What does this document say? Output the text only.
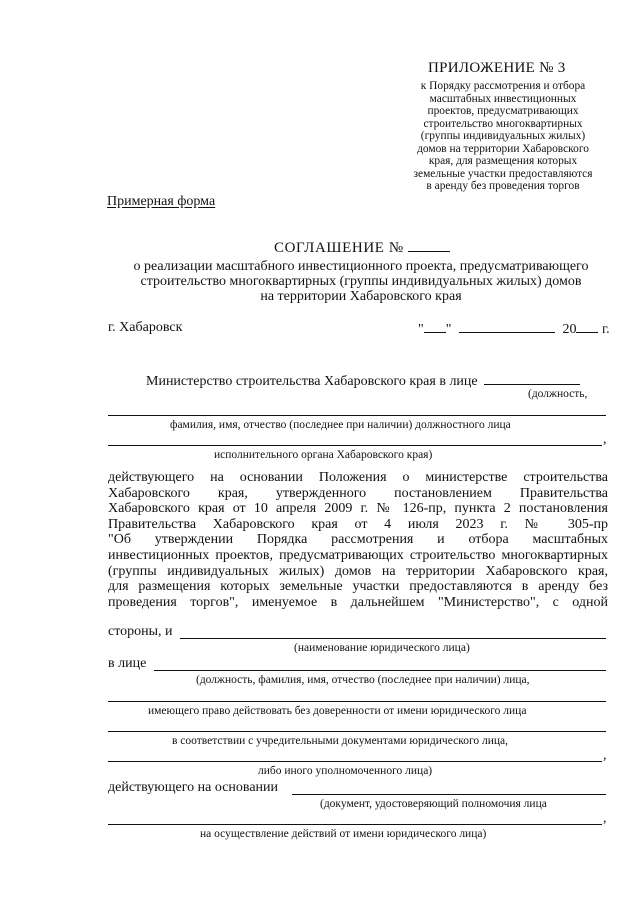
ПРИЛОЖЕНИЕ № 3
к Порядку рассмотрения и отбора
масштабных инвестиционных
проектов, предусматривающих
строительство многоквартирных
(группы индивидуальных жилых)
домов на территории Хабаровского
края, для размещения которых
земельные участки предоставляются
в аренду без проведения торгов
Примерная форма
СОГЛАШЕНИЕ №
о реализации масштабного инвестиционного проекта, предусматривающего
строительство многоквартирных (группы индивидуальных жилых) домов
на территории Хабаровского края
г. Хабаровск	" "	20 г.
Министерство строительства Хабаровского края в лице
(должность,
фамилия, имя, отчество (последнее при наличии) должностного лица
,
исполнительного органа Хабаровского края)
действующего на основании Положения о министерстве строительства
Хабаровского края, утвержденного постановлением Правительства
Хабаровского края от 10 апреля 2009 г. № 126-пр, пункта 2 постановления
Правительства Хабаровского края от 4 июля 2023 г. № 305-пр
"Об утверждении Порядка рассмотрения и отбора масштабных
инвестиционных проектов, предусматривающих строительство многоквартирных
(группы индивидуальных жилых) домов на территории Хабаровского края,
для размещения которых земельные участки предоставляются в аренду без
проведения торгов", именуемое в дальнейшем "Министерство", с одной
стороны, и
(наименование юридического лица)
в лице
(должность, фамилия, имя, отчество (последнее при наличии) лица,
имеющего право действовать без доверенности от имени юридического лица
в соответствии с учредительными документами юридического лица,
,
либо иного уполномоченного лица)
действующего на основании
(документ, удостоверяющий полномочия лица
,
на осуществление действий от имени юридического лица)
